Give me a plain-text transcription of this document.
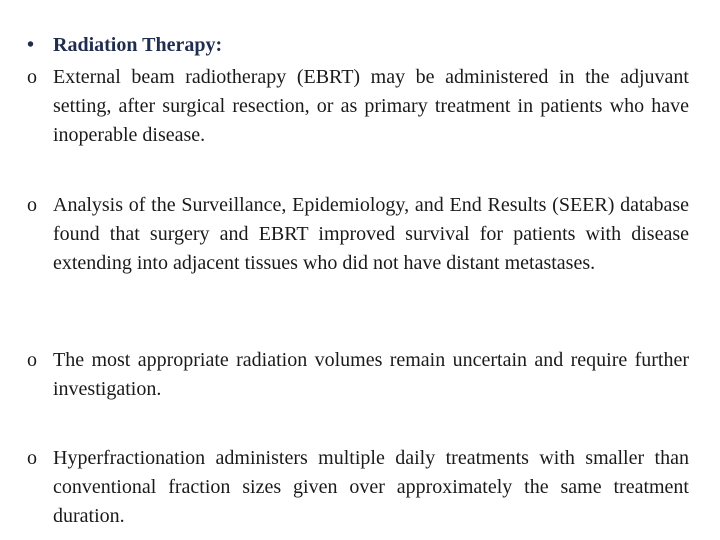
• Radiation Therapy:
o External beam radiotherapy (EBRT) may be administered in the adjuvant setting, after surgical resection, or as primary treatment in patients who have inoperable disease.
o Analysis of the Surveillance, Epidemiology, and End Results (SEER) database found that surgery and EBRT improved survival for patients with disease extending into adjacent tissues who did not have distant metastases.
o The most appropriate radiation volumes remain uncertain and require further investigation.
o Hyperfractionation administers multiple daily treatments with smaller than conventional fraction sizes given over approximately the same treatment duration.
